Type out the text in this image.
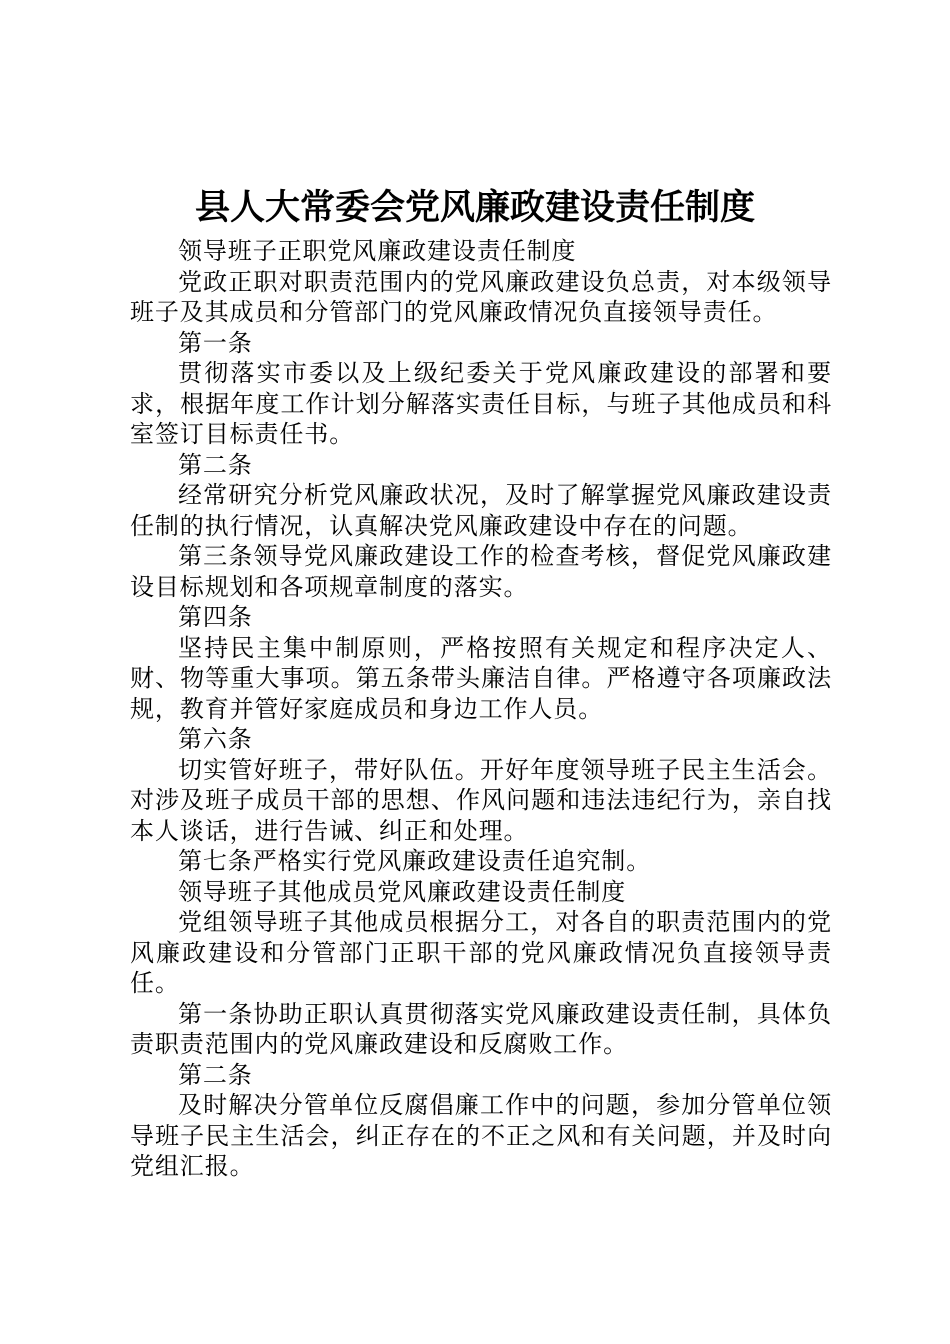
县人大常委会党风廉政建设责任制度

领导班子正职党风廉政建设责任制度

党政正职对职责范围内的党风廉政建设负总责，对本级领导班子及其成员和分管部门的党风廉政情况负直接领导责任。

第一条

贯彻落实市委以及上级纪委关于党风廉政建设的部署和要求，根据年度工作计划分解落实责任目标，与班子其他成员和科室签订目标责任书。

第二条

经常研究分析党风廉政状况，及时了解掌握党风廉政建设责任制的执行情况，认真解决党风廉政建设中存在的问题。

第三条领导党风廉政建设工作的检查考核，督促党风廉政建设目标规划和各项规章制度的落实。

第四条

坚持民主集中制原则，严格按照有关规定和程序决定人、财、物等重大事项。第五条带头廉洁自律。严格遵守各项廉政法规，教育并管好家庭成员和身边工作人员。

第六条

切实管好班子，带好队伍。开好年度领导班子民主生活会。对涉及班子成员干部的思想、作风问题和违法违纪行为，亲自找本人谈话，进行告诫、纠正和处理。

第七条严格实行党风廉政建设责任追究制。

领导班子其他成员党风廉政建设责任制度

党组领导班子其他成员根据分工，对各自的职责范围内的党风廉政建设和分管部门正职干部的党风廉政情况负直接领导责任。

第一条协助正职认真贯彻落实党风廉政建设责任制，具体负责职责范围内的党风廉政建设和反腐败工作。

第二条

及时解决分管单位反腐倡廉工作中的问题，参加分管单位领导班子民主生活会，纠正存在的不正之风和有关问题，并及时向党组汇报。
